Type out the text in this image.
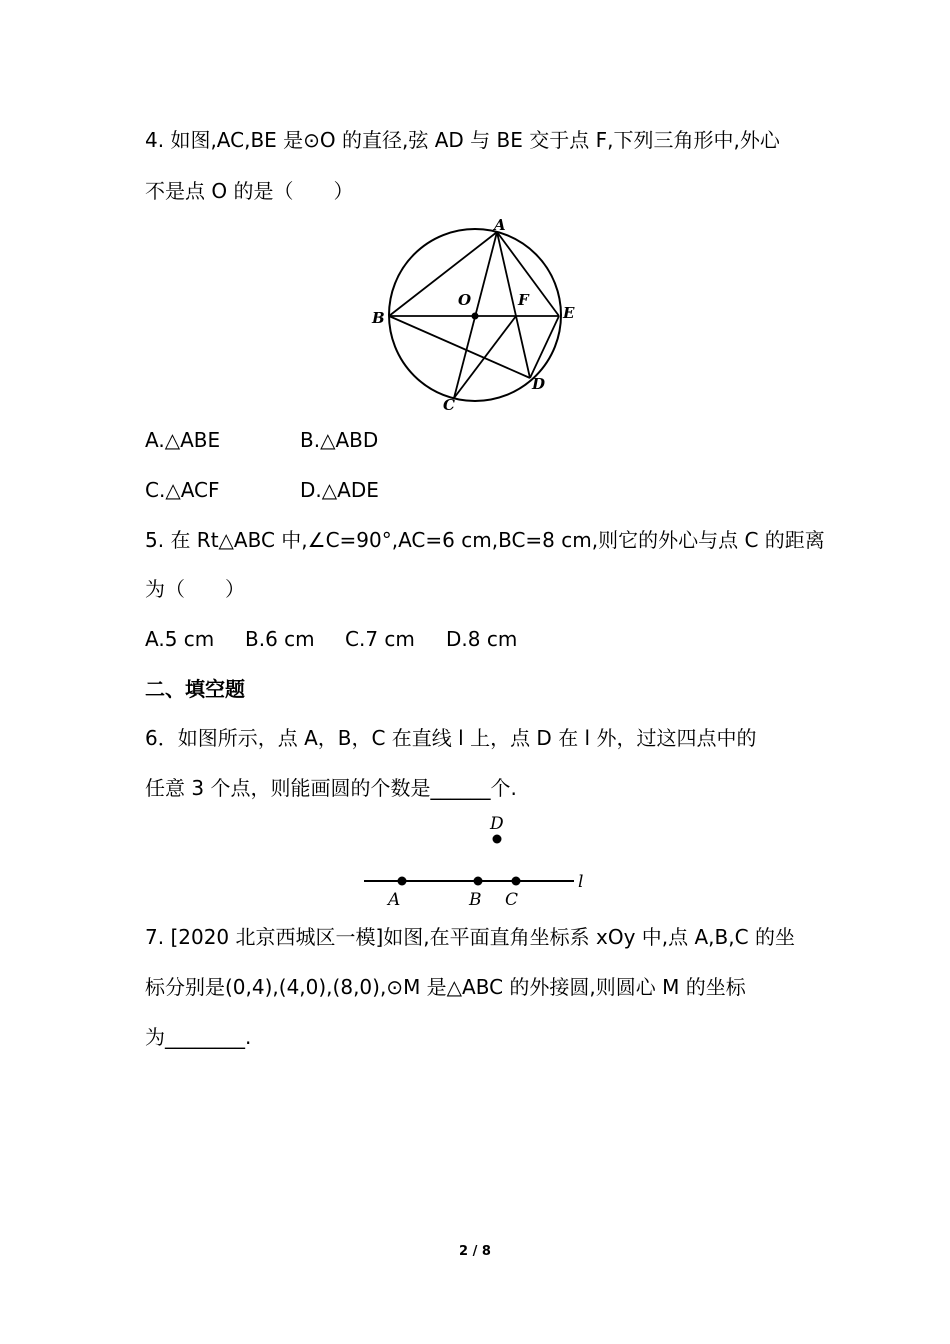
4. 如图,AC,BE 是⊙O 的直径,弦 AD 与 BE 交于点 F,下列三角形中,外心
不是点 O 的是（　　）
A
B
C
D
E
O	F
A.△ABE	B.△ABD
C.△ACF	D.△ADE
5. 在 Rt△ABC 中,∠C=90°,AC=6 cm,BC=8 cm,则它的外心与点 C 的距离
为（　　）
A.5 cm B.6 cm C.7 cm D.8 cm
二、填空题
6．如图所示，点 A，B，C 在直线 l 上，点 D 在 l 外，过这四点中的
任意 3 个点，则能画圆的个数是______个.
A	B C
D
l
7. [2020 北京西城区一模]如图,在平面直角坐标系 xOy 中,点 A,B,C 的坐
标分别是(0,4),(4,0),(8,0),⊙M 是△ABC 的外接圆,则圆心 M 的坐标
为________.
2 / 8
